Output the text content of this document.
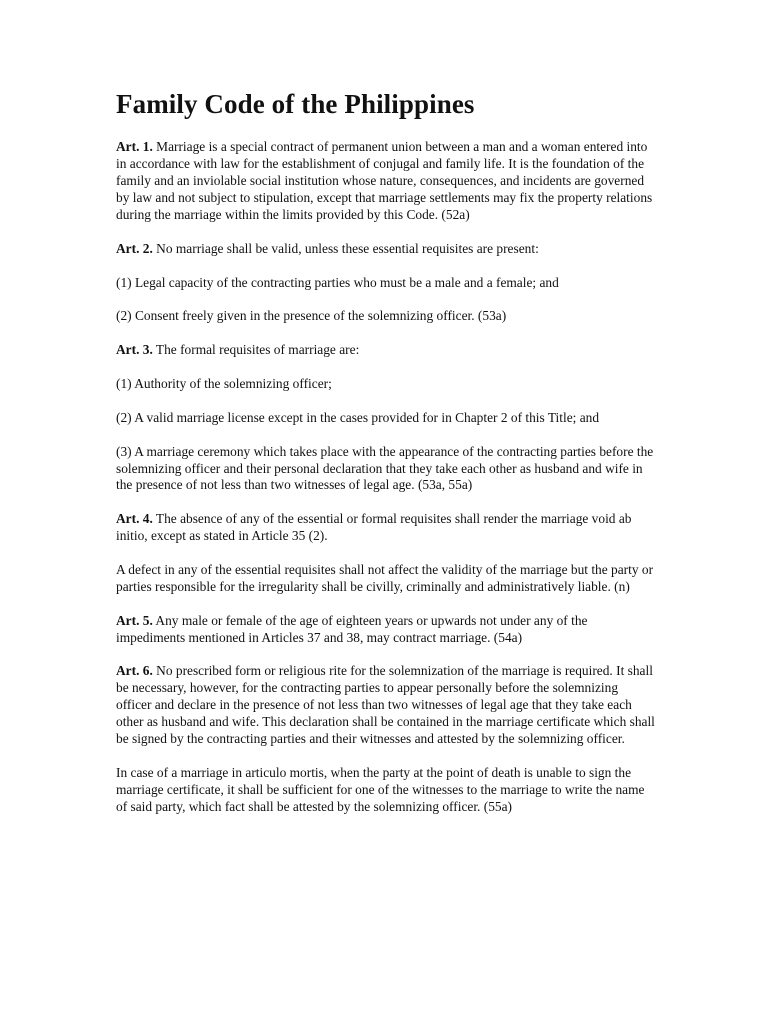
Family Code of the Philippines

Art. 1. Marriage is a special contract of permanent union between a man and a woman entered into in accordance with law for the establishment of conjugal and family life. It is the foundation of the family and an inviolable social institution whose nature, consequences, and incidents are governed by law and not subject to stipulation, except that marriage settlements may fix the property relations during the marriage within the limits provided by this Code. (52a)

Art. 2. No marriage shall be valid, unless these essential requisites are present:

(1) Legal capacity of the contracting parties who must be a male and a female; and

(2) Consent freely given in the presence of the solemnizing officer. (53a)

Art. 3. The formal requisites of marriage are:

(1) Authority of the solemnizing officer;

(2) A valid marriage license except in the cases provided for in Chapter 2 of this Title; and

(3) A marriage ceremony which takes place with the appearance of the contracting parties before the solemnizing officer and their personal declaration that they take each other as husband and wife in the presence of not less than two witnesses of legal age. (53a, 55a)

Art. 4. The absence of any of the essential or formal requisites shall render the marriage void ab initio, except as stated in Article 35 (2).

A defect in any of the essential requisites shall not affect the validity of the marriage but the party or parties responsible for the irregularity shall be civilly, criminally and administratively liable. (n)

Art. 5. Any male or female of the age of eighteen years or upwards not under any of the impediments mentioned in Articles 37 and 38, may contract marriage. (54a)

Art. 6. No prescribed form or religious rite for the solemnization of the marriage is required. It shall be necessary, however, for the contracting parties to appear personally before the solemnizing officer and declare in the presence of not less than two witnesses of legal age that they take each other as husband and wife. This declaration shall be contained in the marriage certificate which shall be signed by the contracting parties and their witnesses and attested by the solemnizing officer.

In case of a marriage in articulo mortis, when the party at the point of death is unable to sign the marriage certificate, it shall be sufficient for one of the witnesses to the marriage to write the name of said party, which fact shall be attested by the solemnizing officer. (55a)
